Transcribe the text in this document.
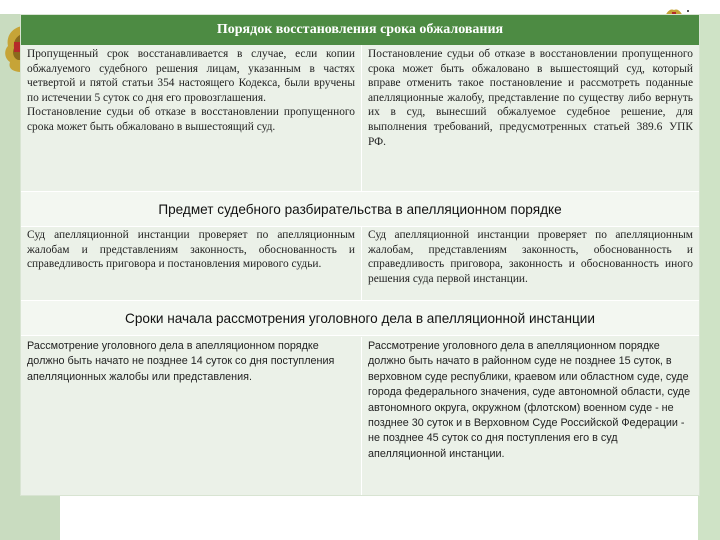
Порядок восстановления срока обжалования
Пропущенный срок восстанавливается в случае, если копии обжалуемого судебного решения лицам, указанным в частях четвертой и пятой статьи 354 настоящего Кодекса, были вручены по истечении 5 суток со дня его провозглашения.
Постановление судьи об отказе в восстановлении пропущенного срока может быть обжаловано в вышестоящий суд.
Постановление судьи об отказе в восстановлении пропущенного срока может быть обжаловано в вышестоящий суд, который вправе отменить такое постановление и рассмотреть поданные апелляционные жалобу, представление по существу либо вернуть их в суд, вынесший обжалуемое судебное решение, для выполнения требований, предусмотренных статьей 389.6 УПК РФ.
Предмет судебного разбирательства в апелляционном порядке
Суд апелляционной инстанции проверяет по апелляционным жалобам и представлениям законность, обоснованность и справедливость приговора и постановления мирового судьи.
Суд апелляционной инстанции проверяет по апелляционным жалобам, представлениям законность, обоснованность и справедливость приговора, законность и обоснованность иного решения суда первой инстанции.
Сроки начала рассмотрения уголовного дела в апелляционной инстанции
Рассмотрение уголовного дела в апелляционном порядке должно быть начато не позднее 14 суток со дня поступления апелляционных жалобы или представления.
Рассмотрение уголовного дела в апелляционном порядке должно быть начато в районном суде не позднее 15 суток, в верховном суде республики, краевом или областном суде, суде города федерального значения, суде автономной области, суде автономного округа, окружном (флотском) военном суде - не позднее 30 суток и в Верховном Суде Российской Федерации - не позднее 45 суток со дня поступления его в суд апелляционной инстанции.
